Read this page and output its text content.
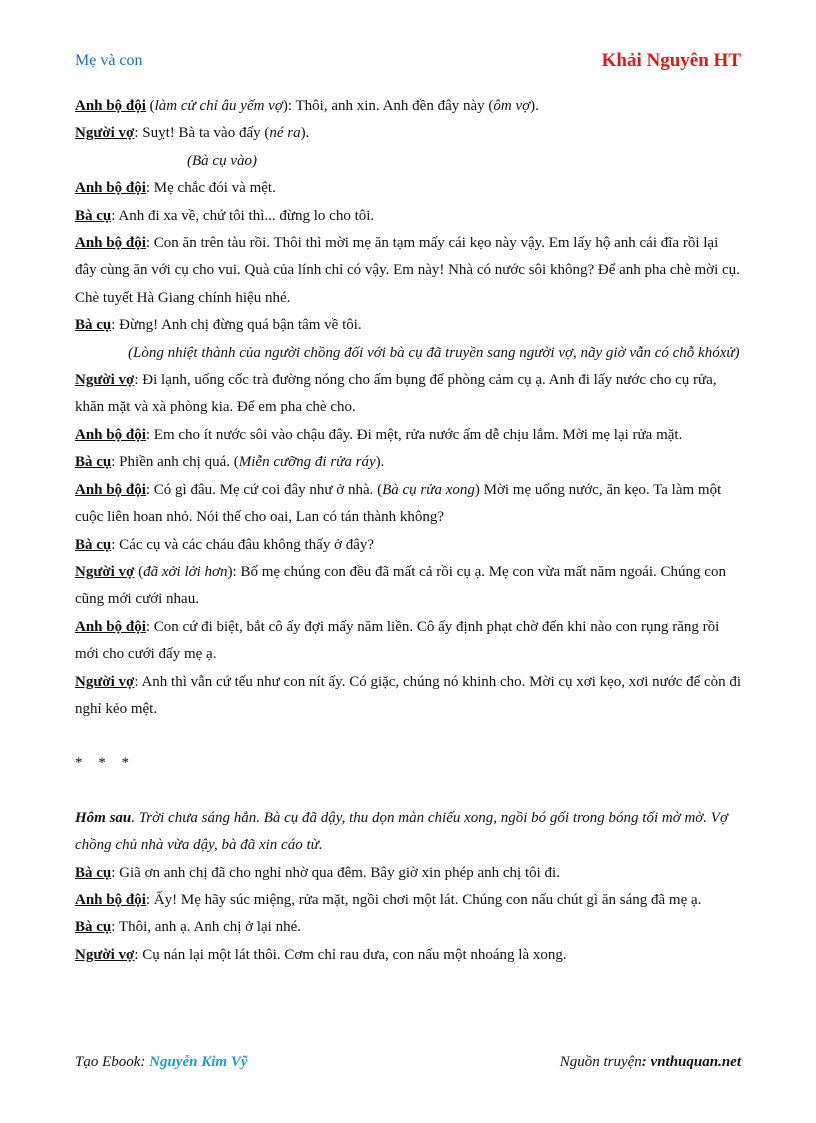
Mẹ và con	Khải Nguyên HT

Anh bộ đội (làm cử chỉ âu yếm vợ): Thôi, anh xin. Anh đền đây này (ôm vợ).

Người vợ: Suỵt! Bà ta vào đấy (né ra).

(Bà cụ vào)

Anh bộ đội: Mẹ chắc đói và mệt.

Bà cụ: Anh đi xa về, chứ tôi thì... đừng lo cho tôi.

Anh bộ đội: Con ăn trên tàu rồi. Thôi thì mời mẹ ăn tạm mấy cái kẹo này vậy. Em lấy hộ anh cái đĩa rồi lại đây cùng ăn với cụ cho vui. Quà của lính chỉ có vậy. Em này! Nhà có nước sôi không? Để anh pha chè mời cụ. Chè tuyết Hà Giang chính hiệu nhé.

Bà cụ: Đừng! Anh chị đừng quá bận tâm về tôi.

(Lòng nhiệt thành của người chồng đối với bà cụ đã truyền sang người vợ, nãy giờ vẫn có chỗ khóxử)

Người vợ: Đi lạnh, uống cốc trà đường nóng cho ấm bụng để phòng cảm cụ ạ. Anh đi lấy nước cho cụ rửa, khăn mặt và xà phòng kia. Để em pha chè cho.

Anh bộ đội: Em cho ít nước sôi vào chậu đây. Đi mệt, rửa nước ấm dễ chịu lắm. Mời mẹ lại rửa mặt.

Bà cụ: Phiền anh chị quá. (Miễn cưỡng đi rửa ráy).

Anh bộ đội: Có gì đâu. Mẹ cứ coi đây như ở nhà. (Bà cụ rửa xong) Mời mẹ uống nước, ăn kẹo. Ta làm một cuộc liên hoan nhỏ. Nói thế cho oai, Lan có tán thành không?

Bà cụ: Các cụ và các cháu đâu không thấy ở đây?

Người vợ (đã xởi lởi hơn): Bố mẹ chúng con đều đã mất cả rồi cụ ạ. Mẹ con vừa mất năm ngoái. Chúng con cũng mới cưới nhau.

Anh bộ đội: Con cứ đi biệt, bắt cô ấy đợi mấy năm liền. Cô ấy định phạt chờ đến khi nào con rụng răng rồi mới cho cưới đấy mẹ ạ.

Người vợ: Anh thì vẫn cứ tếu như con nít ấy. Có giặc, chúng nó khinh cho. Mời cụ xơi kẹo, xơi nước để còn đi nghỉ kẻo mệt.

* * *

Hôm sau. Trời chưa sáng hẳn. Bà cụ đã dậy, thu dọn màn chiếu xong, ngồi bó gối trong bóng tối mờ mờ. Vợ chồng chủ nhà vừa dậy, bà đã xin cáo từ.

Bà cụ: Giã ơn anh chị đã cho nghỉ nhờ qua đêm. Bây giờ xin phép anh chị tôi đi.

Anh bộ đội: Ấy! Mẹ hãy súc miệng, rửa mặt, ngồi chơi một lát. Chúng con nấu chút gì ăn sáng đã mẹ ạ.

Bà cụ: Thôi, anh ạ. Anh chị ở lại nhé.

Người vợ: Cụ nán lại một lát thôi. Cơm chỉ rau dưa, con nấu một nhoáng là xong.

Tạo Ebook: Nguyễn Kim Vỹ	Nguồn truyện: vnthuquan.net
